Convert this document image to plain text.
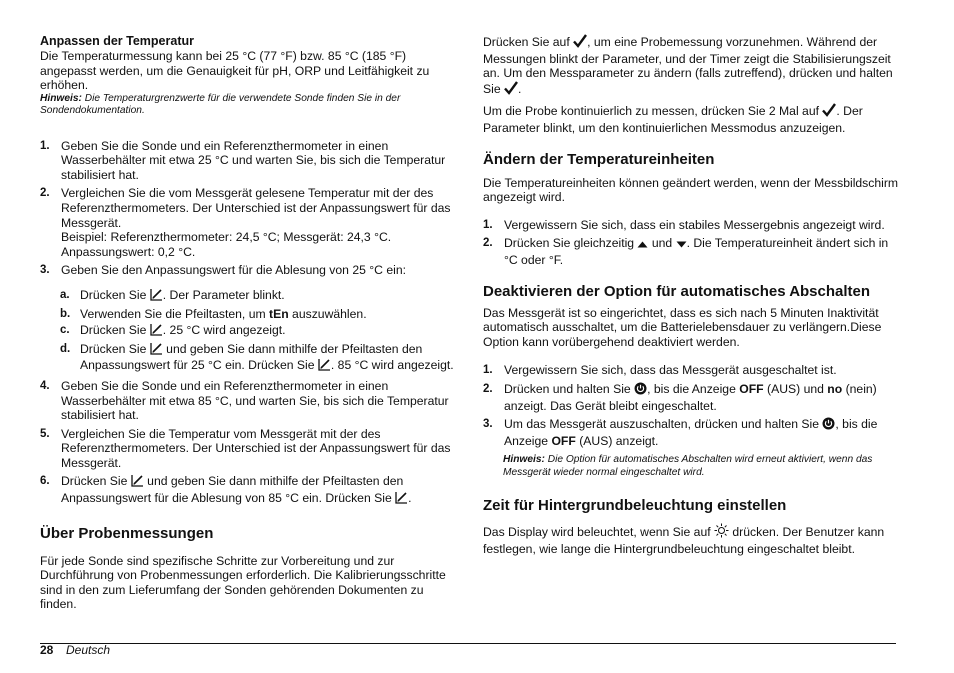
Anpassen der Temperatur

Die Temperaturmessung kann bei 25 °C (77 °F) bzw. 85 °C (185 °F) angepasst werden, um die Genauigkeit für pH, ORP und Leitfähigkeit zu erhöhen.

Hinweis: Die Temperaturgrenzwerte für die verwendete Sonde finden Sie in der Sondendokumentation.

1. Geben Sie die Sonde und ein Referenzthermometer in einen Wasserbehälter mit etwa 25 °C und warten Sie, bis sich die Temperatur stabilisiert hat.
2. Vergleichen Sie die vom Messgerät gelesene Temperatur mit der des Referenzthermometers. Der Unterschied ist der Anpassungswert für das Messgerät.
Beispiel: Referenzthermometer: 24,5 °C; Messgerät: 24,3 °C.
Anpassungswert: 0,2 °C.
3. Geben Sie den Anpassungswert für die Ablesung von 25 °C ein:
a. Drücken Sie . Der Parameter blinkt.
b. Verwenden Sie die Pfeiltasten, um tEn auszuwählen.
c. Drücken Sie . 25 °C wird angezeigt.
d. Drücken Sie  und geben Sie dann mithilfe der Pfeiltasten den Anpassungswert für 25 °C ein. Drücken Sie . 85 °C wird angezeigt.
4. Geben Sie die Sonde und ein Referenzthermometer in einen Wasserbehälter mit etwa 85 °C, und warten Sie, bis sich die Temperatur stabilisiert hat.
5. Vergleichen Sie die Temperatur vom Messgerät mit der des Referenzthermometers. Der Unterschied ist der Anpassungswert für das Messgerät.
6. Drücken Sie  und geben Sie dann mithilfe der Pfeiltasten den Anpassungswert für die Ablesung von 85 °C ein. Drücken Sie .
Über Probenmessungen

Für jede Sonde sind spezifische Schritte zur Vorbereitung und zur Durchführung von Probenmessungen erforderlich. Die Kalibrierungsschritte sind in den zum Lieferumfang der Sonden gehörenden Dokumenten zu finden.

Drücken Sie auf , um eine Probemessung vorzunehmen. Während der Messungen blinkt der Parameter, und der Timer zeigt die Stabilisierungszeit an. Um den Messparameter zu ändern (falls zutreffend), drücken und halten Sie .

Um die Probe kontinuierlich zu messen, drücken Sie 2 Mal auf . Der Parameter blinkt, um den kontinuierlichen Messmodus anzuzeigen.

Ändern der Temperatureinheiten

Die Temperatureinheiten können geändert werden, wenn der Messbildschirm angezeigt wird.

1. Vergewissern Sie sich, dass ein stabiles Messergebnis angezeigt wird.
2. Drücken Sie gleichzeitig  und . Die Temperatureinheit ändert sich in °C oder °F.
Deaktivieren der Option für automatisches Abschalten

Das Messgerät ist so eingerichtet, dass es sich nach 5 Minuten Inaktivität automatisch ausschaltet, um die Batterielebensdauer zu verlängern.Diese Option kann vorübergehend deaktiviert werden.

1. Vergewissern Sie sich, dass das Messgerät ausgeschaltet ist.
2. Drücken und halten Sie , bis die Anzeige OFF (AUS) und no (nein) anzeigt. Das Gerät bleibt eingeschaltet.
3. Um das Messgerät auszuschalten, drücken und halten Sie , bis die Anzeige OFF (AUS) anzeigt.

Hinweis: Die Option für automatisches Abschalten wird erneut aktiviert, wenn das Messgerät wieder normal eingeschaltet wird.

Zeit für Hintergrundbeleuchtung einstellen

Das Display wird beleuchtet, wenn Sie auf  drücken. Der Benutzer kann festlegen, wie lange die Hintergrundbeleuchtung eingeschaltet bleibt.

28 Deutsch
